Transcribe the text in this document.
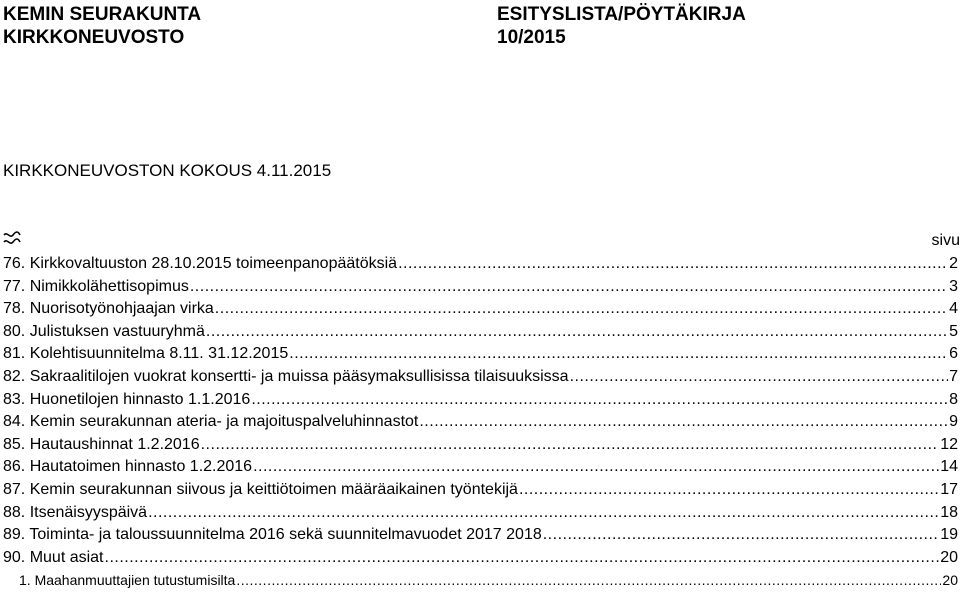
KEMIN SEURAKUNTA
KIRKKONEUVOSTO
ESITYSLISTA/PÖYTÄKIRJA
10/2015
KIRKKONEUVOSTON KOKOUS 4.11.2015
sivu
76. Kirkkovaltuuston 28.10.2015 toimeenpanopäätöksiä .....	2
77. Nimikkolähettisopimus .....	3
78. Nuorisotyönohjaajan virka .....	4
80. Julistuksen vastuuryhmä .....	5
81. Kolehtisuunnitelma 8.11. 31.12.2015 .....	6
82. Sakraalitilojen vuokrat konsertti- ja muissa pääsymaksullisissa tilaisuuksissa .....	7
83. Huonetilojen hinnasto 1.1.2016 .....	8
84. Kemin seurakunnan ateria- ja majoituspalveluhinnastot .....	9
85. Hautaushinnat 1.2.2016 .....	12
86. Hautatoimen hinnasto 1.2.2016 .....	14
87. Kemin seurakunnan siivous ja keittiötoimen määräaikainen työntekijä .....	17
88. Itsenäisyyspäivä .....	18
89. Toiminta- ja taloussuunnitelma 2016 sekä suunnitelmavuodet 2017 2018 .....	19
90. Muut asiat .....	20
1. Maahanmuuttajien tutustumisilta .....	20
